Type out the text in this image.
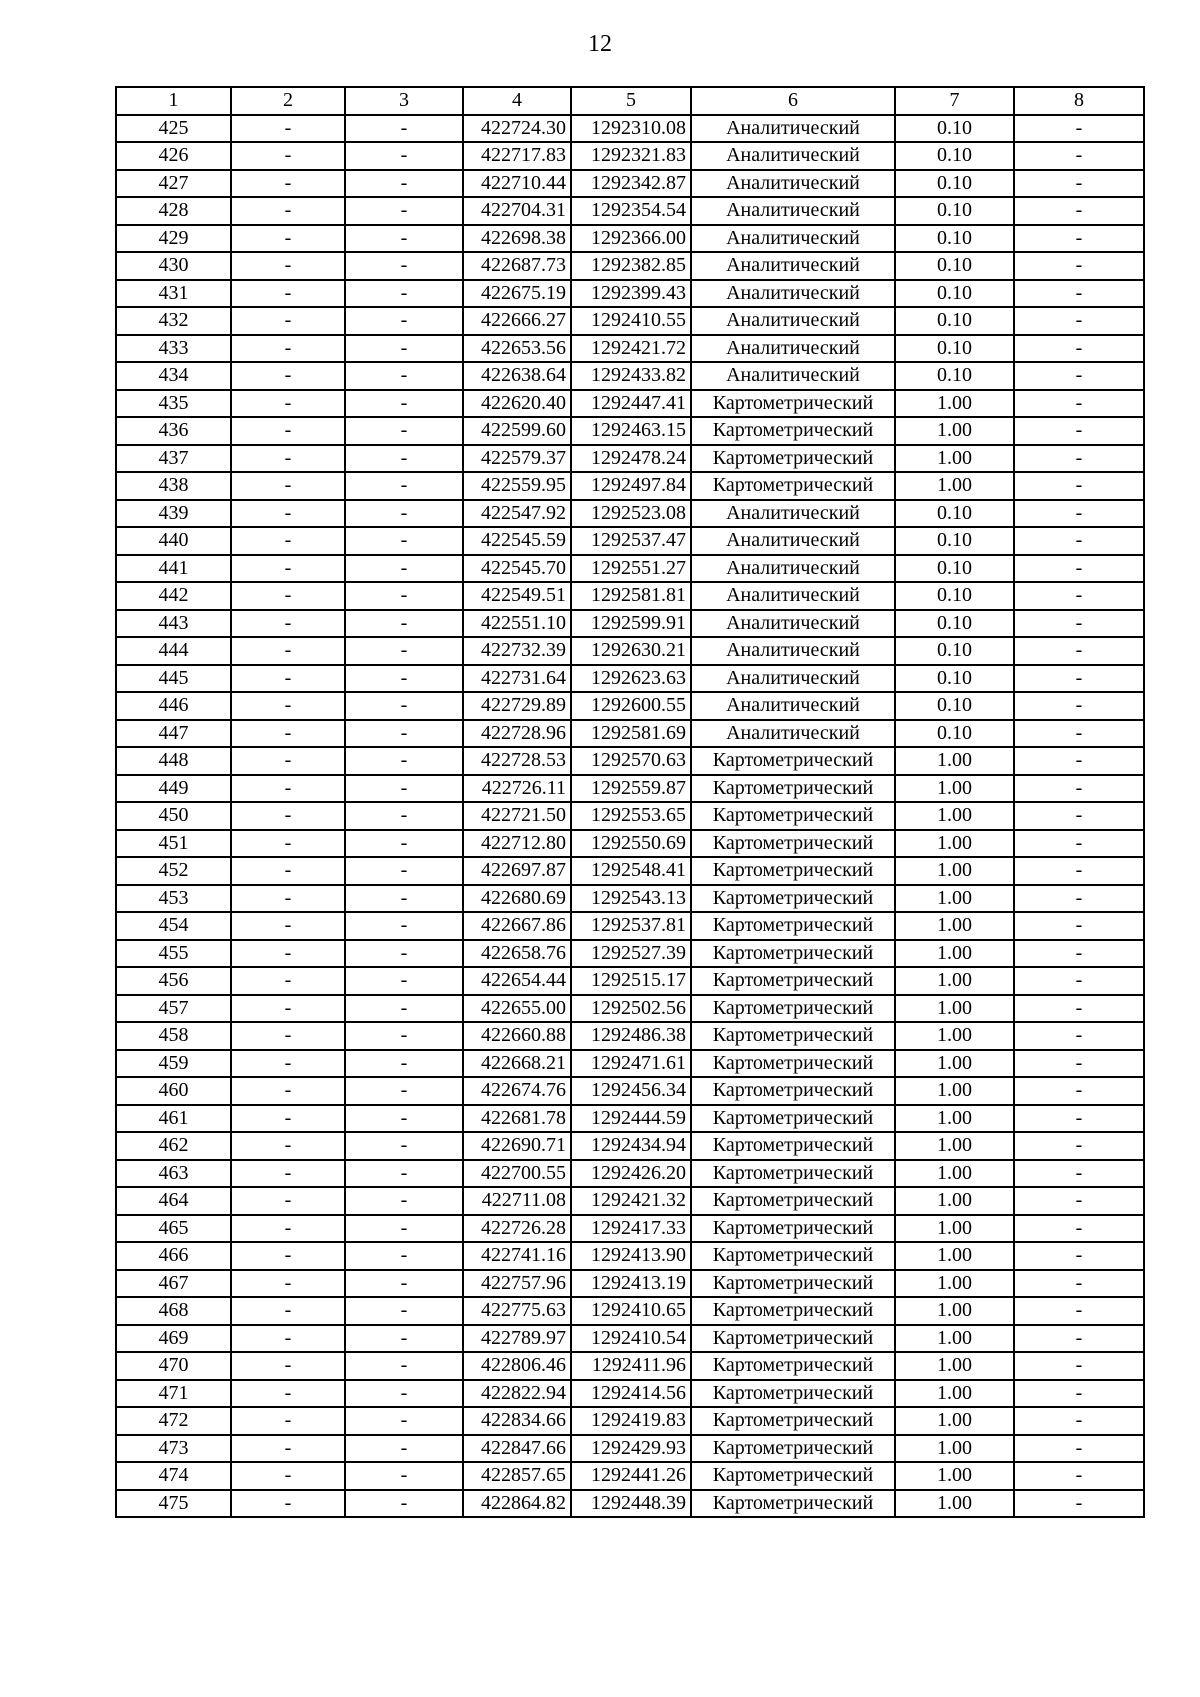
12
1	2	3	4	5	6	7	8
425	-	-	422724.30	1292310.08	Аналитический	0.10	-
426	-	-	422717.83	1292321.83	Аналитический	0.10	-
427	-	-	422710.44	1292342.87	Аналитический	0.10	-
428	-	-	422704.31	1292354.54	Аналитический	0.10	-
429	-	-	422698.38	1292366.00	Аналитический	0.10	-
430	-	-	422687.73	1292382.85	Аналитический	0.10	-
431	-	-	422675.19	1292399.43	Аналитический	0.10	-
432	-	-	422666.27	1292410.55	Аналитический	0.10	-
433	-	-	422653.56	1292421.72	Аналитический	0.10	-
434	-	-	422638.64	1292433.82	Аналитический	0.10	-
435	-	-	422620.40	1292447.41	Картометрический	1.00	-
436	-	-	422599.60	1292463.15	Картометрический	1.00	-
437	-	-	422579.37	1292478.24	Картометрический	1.00	-
438	-	-	422559.95	1292497.84	Картометрический	1.00	-
439	-	-	422547.92	1292523.08	Аналитический	0.10	-
440	-	-	422545.59	1292537.47	Аналитический	0.10	-
441	-	-	422545.70	1292551.27	Аналитический	0.10	-
442	-	-	422549.51	1292581.81	Аналитический	0.10	-
443	-	-	422551.10	1292599.91	Аналитический	0.10	-
444	-	-	422732.39	1292630.21	Аналитический	0.10	-
445	-	-	422731.64	1292623.63	Аналитический	0.10	-
446	-	-	422729.89	1292600.55	Аналитический	0.10	-
447	-	-	422728.96	1292581.69	Аналитический	0.10	-
448	-	-	422728.53	1292570.63	Картометрический	1.00	-
449	-	-	422726.11	1292559.87	Картометрический	1.00	-
450	-	-	422721.50	1292553.65	Картометрический	1.00	-
451	-	-	422712.80	1292550.69	Картометрический	1.00	-
452	-	-	422697.87	1292548.41	Картометрический	1.00	-
453	-	-	422680.69	1292543.13	Картометрический	1.00	-
454	-	-	422667.86	1292537.81	Картометрический	1.00	-
455	-	-	422658.76	1292527.39	Картометрический	1.00	-
456	-	-	422654.44	1292515.17	Картометрический	1.00	-
457	-	-	422655.00	1292502.56	Картометрический	1.00	-
458	-	-	422660.88	1292486.38	Картометрический	1.00	-
459	-	-	422668.21	1292471.61	Картометрический	1.00	-
460	-	-	422674.76	1292456.34	Картометрический	1.00	-
461	-	-	422681.78	1292444.59	Картометрический	1.00	-
462	-	-	422690.71	1292434.94	Картометрический	1.00	-
463	-	-	422700.55	1292426.20	Картометрический	1.00	-
464	-	-	422711.08	1292421.32	Картометрический	1.00	-
465	-	-	422726.28	1292417.33	Картометрический	1.00	-
466	-	-	422741.16	1292413.90	Картометрический	1.00	-
467	-	-	422757.96	1292413.19	Картометрический	1.00	-
468	-	-	422775.63	1292410.65	Картометрический	1.00	-
469	-	-	422789.97	1292410.54	Картометрический	1.00	-
470	-	-	422806.46	1292411.96	Картометрический	1.00	-
471	-	-	422822.94	1292414.56	Картометрический	1.00	-
472	-	-	422834.66	1292419.83	Картометрический	1.00	-
473	-	-	422847.66	1292429.93	Картометрический	1.00	-
474	-	-	422857.65	1292441.26	Картометрический	1.00	-
475	-	-	422864.82	1292448.39	Картометрический	1.00	-
